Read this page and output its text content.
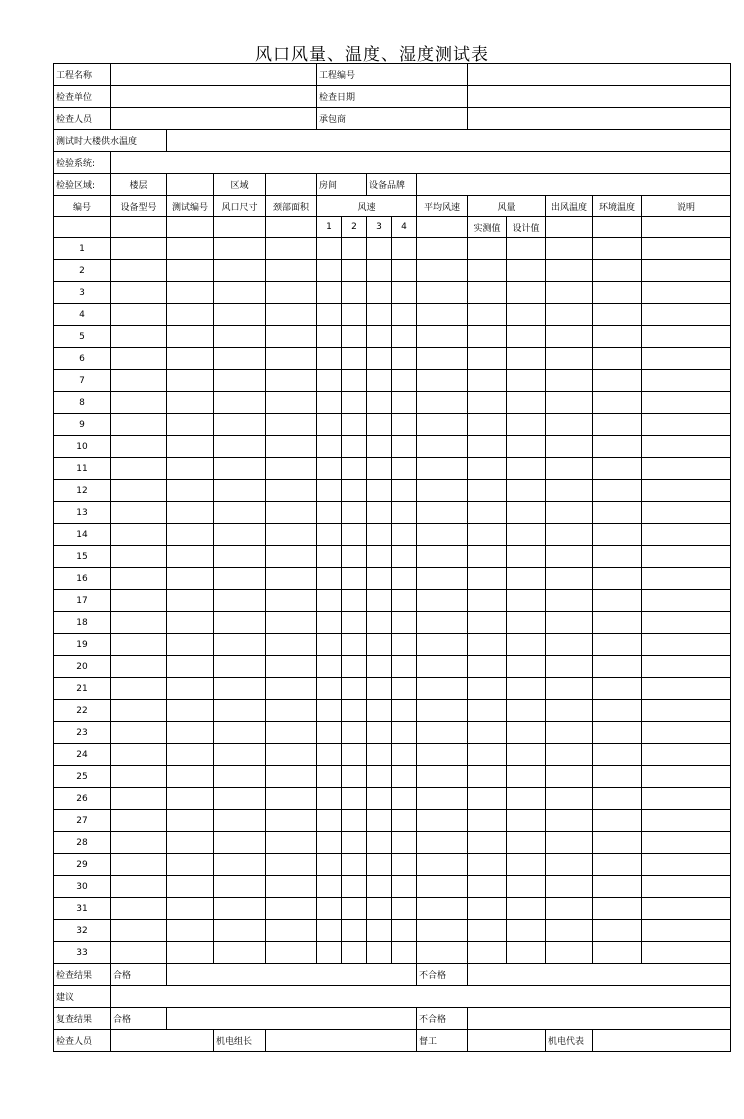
风口风量、温度、湿度测试表
工程名称					工程编号									
检查单位					检查日期									
检查人员					承包商									
测试时大楼供水温度														
检验系统:														
检验区域:	楼层		区域		房间		设备品牌							
编号	设备型号	测试编号	风口尺寸	颈部面积	风速				平均风速	风量		出风温度	环境温度	说明
					1	2	3	4		实测值	设计值			
1														
2														
3														
4														
5														
6														
7														
8														
9														
10														
11														
12														
13														
14														
15														
16														
17														
18														
19														
20														
21														
22														
23														
24														
25														
26														
27														
28														
29														
30														
31														
32														
33														
检查结果	合格								不合格					
建议														
复查结果	合格								不合格					
检查人员			机电组长						督工			机电代表		
